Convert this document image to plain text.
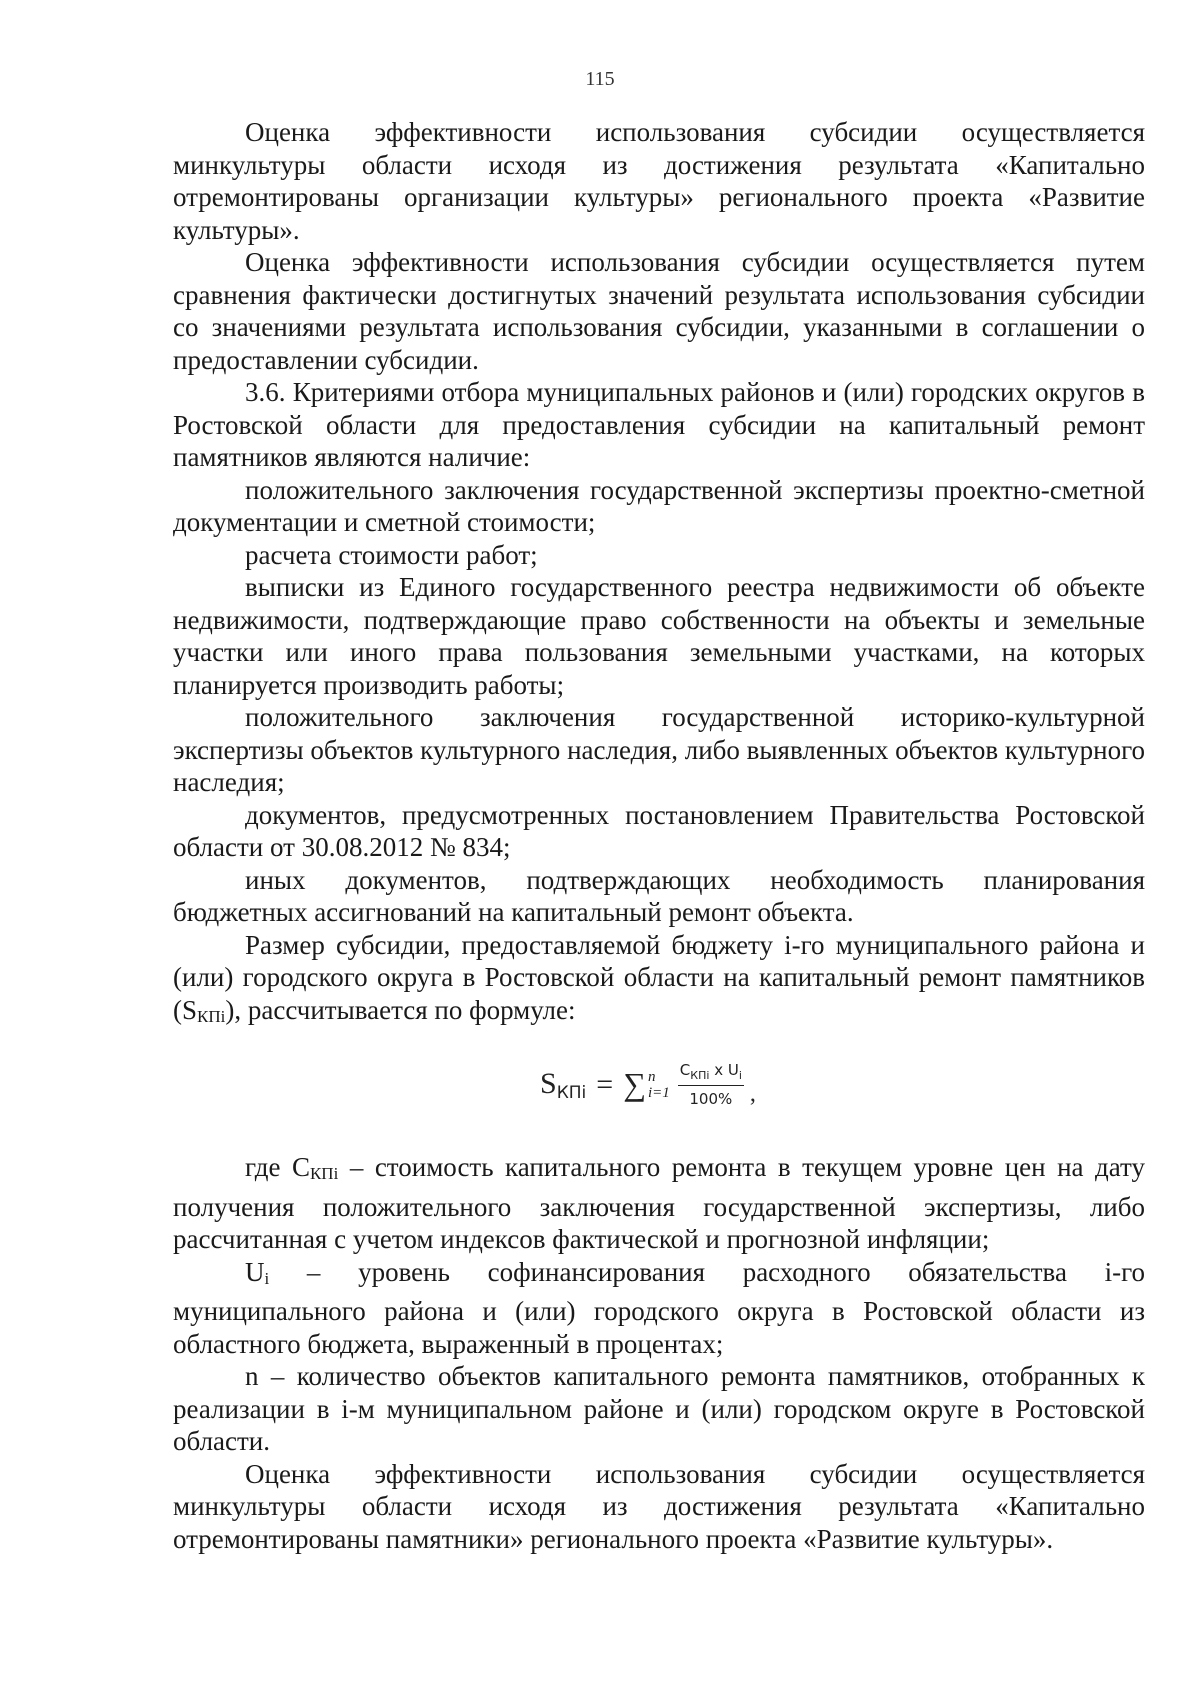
115

Оценка эффективности использования субсидии осуществляется минкультуры области исходя из достижения результата «Капитально отремонтированы организации культуры» регионального проекта «Развитие культуры».

Оценка эффективности использования субсидии осуществляется путем сравнения фактически достигнутых значений результата использования субсидии со значениями результата использования субсидии, указанными в соглашении о предоставлении субсидии.

3.6. Критериями отбора муниципальных районов и (или) городских округов в Ростовской области для предоставления субсидии на капитальный ремонт памятников являются наличие:

положительного заключения государственной экспертизы проектно-сметной документации и сметной стоимости;

расчета стоимости работ;

выписки из Единого государственного реестра недвижимости об объекте недвижимости, подтверждающие право собственности на объекты и земельные участки или иного права пользования земельными участками, на которых планируется производить работы;

положительного заключения государственной историко-культурной экспертизы объектов культурного наследия, либо выявленных объектов культурного наследия;

документов, предусмотренных постановлением Правительства Ростовской области от 30.08.2012 № 834;

иных документов, подтверждающих необходимость планирования бюджетных ассигнований на капитальный ремонт объекта.

Размер субсидии, предоставляемой бюджету i-го муниципального района и (или) городского округа в Ростовской области на капитальный ремонт памятников $(S_{КПi})$, рассчитывается по формуле:

$S_{КПi}$ = ∑ n
$i=1 \frac{C_{КПi} x U_i}{100\%}$ ,

где $С_{КПi}$ – стоимость капитального ремонта в текущем уровне цен на дату получения положительного заключения государственной экспертизы, либо рассчитанная с учетом индексов фактической и прогнозной инфляции;

$U_i$ – уровень софинансирования расходного обязательства i-го муниципального района и (или) городского округа в Ростовской области из областного бюджета, выраженный в процентах;

n – количество объектов капитального ремонта памятников, отобранных к реализации в i-м муниципальном районе и (или) городском округе в Ростовской области.

Оценка эффективности использования субсидии осуществляется минкультуры области исходя из достижения результата «Капитально отремонтированы памятники» регионального проекта «Развитие культуры».
